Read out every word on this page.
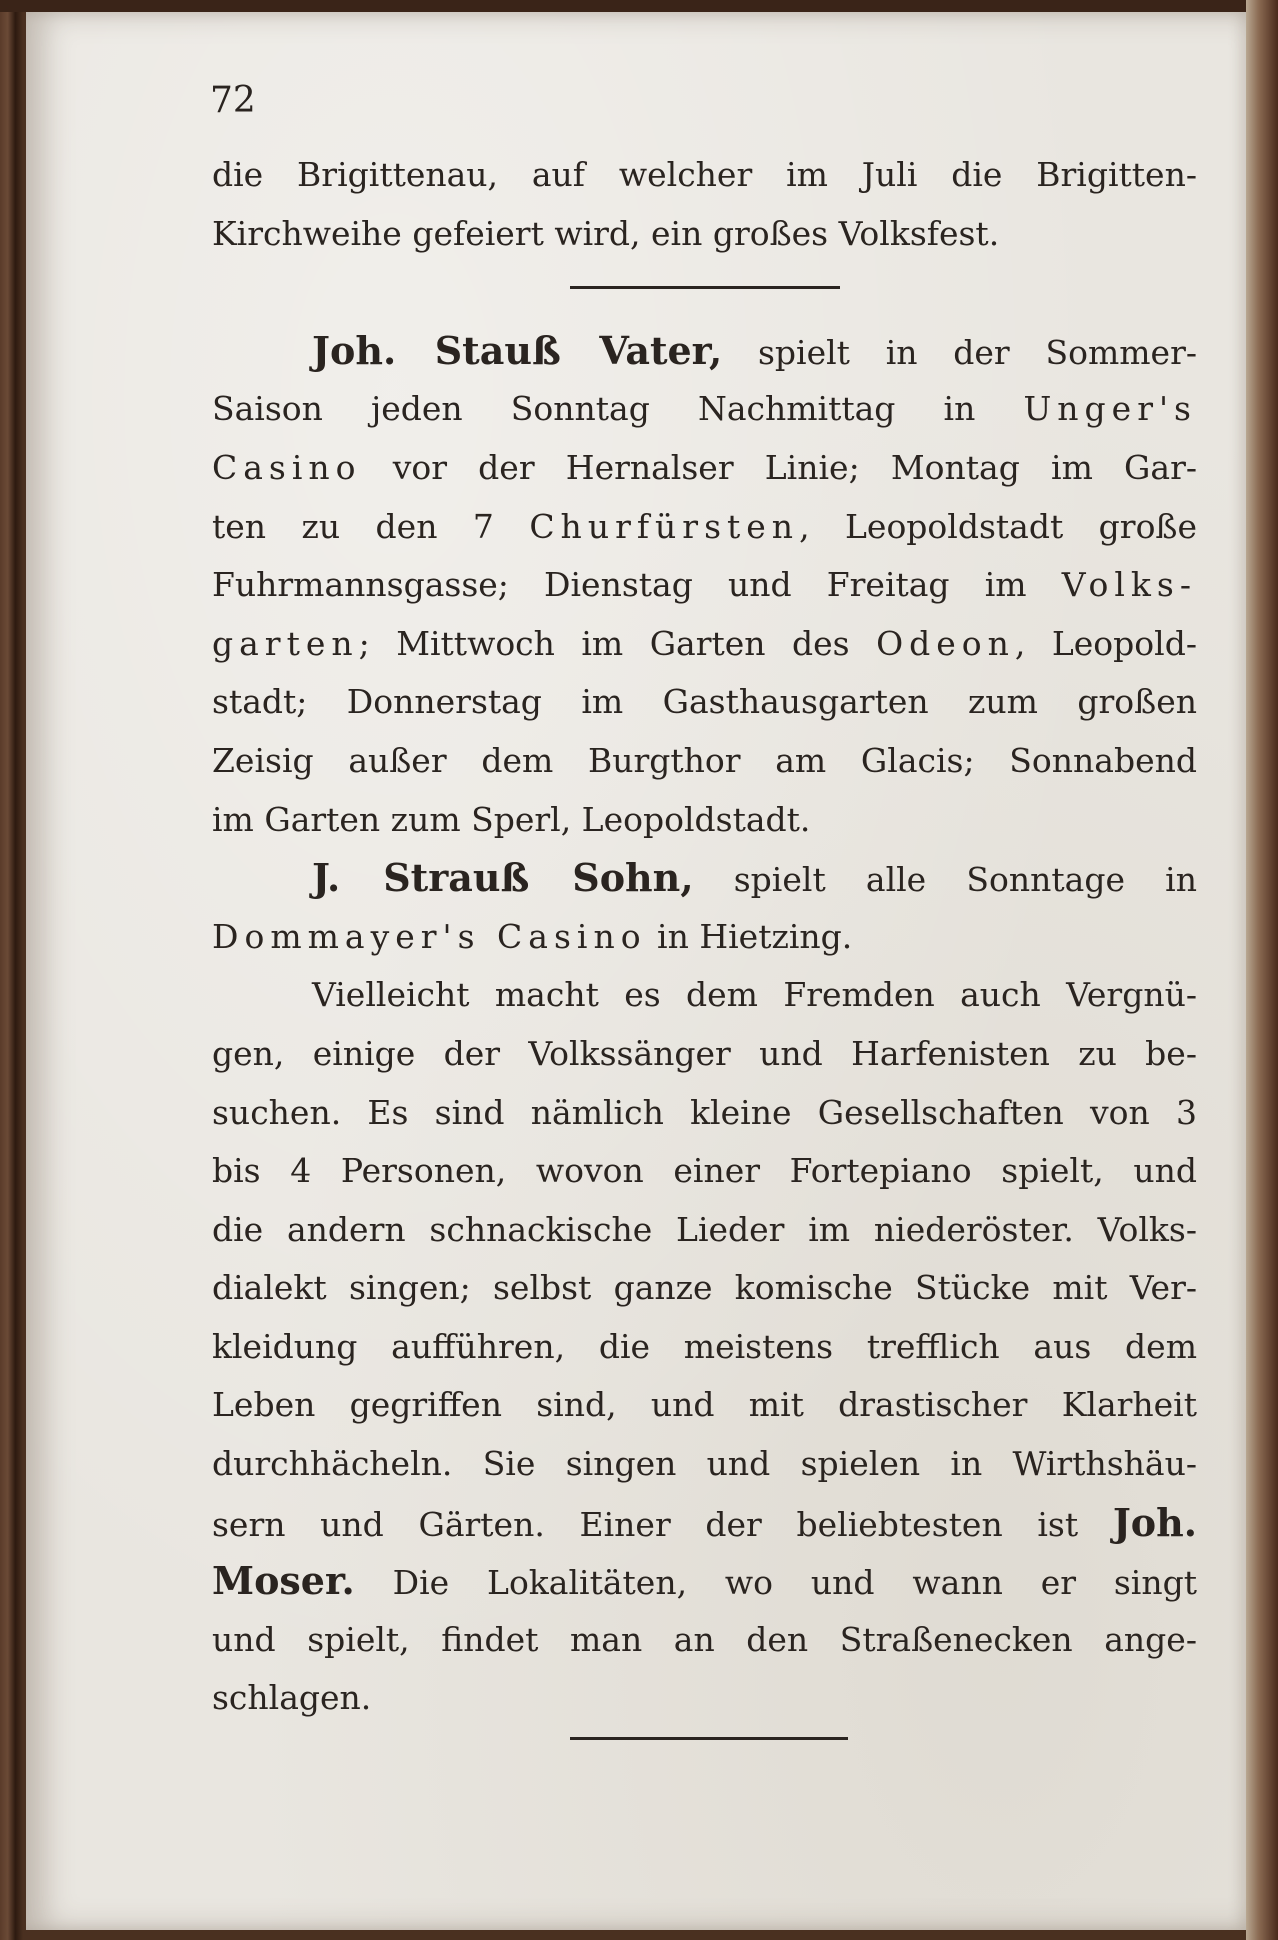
72
die Brigittenau, auf welcher im Juli die Brigitten-
Kirchweihe gefeiert wird, ein großes Volksfest.
Joh. Stauß Vater, spielt in der Sommer-
Saison jeden Sonntag Nachmittag in Unger's
Casino vor der Hernalser Linie; Montag im Gar-
ten zu den 7 Churfürsten, Leopoldstadt große
Fuhrmannsgasse; Dienstag und Freitag im Volks-
garten; Mittwoch im Garten des Odeon, Leopold-
stadt; Donnerstag im Gasthausgarten zum großen
Zeisig außer dem Burgthor am Glacis; Sonnabend
im Garten zum Sperl, Leopoldstadt.
J. Strauß Sohn, spielt alle Sonntage in
Dommayer's Casino in Hietzing.
Vielleicht macht es dem Fremden auch Vergnü-
gen, einige der Volkssänger und Harfenisten zu be-
suchen. Es sind nämlich kleine Gesellschaften von 3
bis 4 Personen, wovon einer Fortepiano spielt, und
die andern schnackische Lieder im niederöster. Volks-
dialekt singen; selbst ganze komische Stücke mit Ver-
kleidung aufführen, die meistens trefflich aus dem
Leben gegriffen sind, und mit drastischer Klarheit
durchhächeln. Sie singen und spielen in Wirthshäu-
sern und Gärten. Einer der beliebtesten ist Joh.
Moser. Die Lokalitäten, wo und wann er singt
und spielt, findet man an den Straßenecken ange-
schlagen.
